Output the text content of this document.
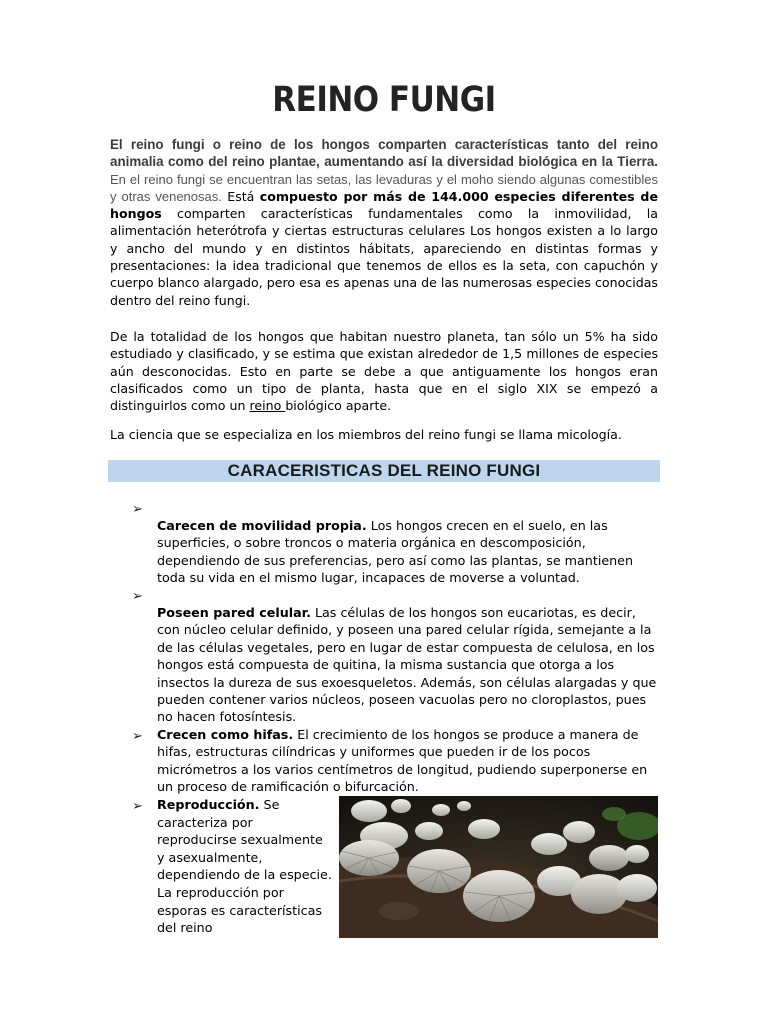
REINO FUNGI
El reino fungi o reino de los hongos comparten características tanto del reino animalia como del reino plantae, aumentando así la diversidad biológica en la Tierra. En el reino fungi se encuentran las setas, las levaduras y el moho siendo algunas comestibles y otras venenosas. Está compuesto por más de 144.000 especies diferentes de hongos comparten características fundamentales como la inmovilidad, la alimentación heterótrofa y ciertas estructuras celulares Los hongos existen a lo largo y ancho del mundo y en distintos hábitats, apareciendo en distintas formas y presentaciones: la idea tradicional que tenemos de ellos es la seta, con capuchón y cuerpo blanco alargado, pero esa es apenas una de las numerosas especies conocidas dentro del reino fungi.
De la totalidad de los hongos que habitan nuestro planeta, tan sólo un 5% ha sido estudiado y clasificado, y se estima que existan alrededor de 1,5 millones de especies aún desconocidas. Esto en parte se debe a que antiguamente los hongos eran clasificados como un tipo de planta, hasta que en el siglo XIX se empezó a distinguirlos como un reino biológico aparte.
La ciencia que se especializa en los miembros del reino fungi se llama micología.
CARACERISTICAS DEL REINO FUNGI
➢
Carecen de movilidad propia. Los hongos crecen en el suelo, en las superficies, o sobre troncos o materia orgánica en descomposición, dependiendo de sus preferencias, pero así como las plantas, se mantienen toda su vida en el mismo lugar, incapaces de moverse a voluntad.
➢
Poseen pared celular. Las células de los hongos son eucariotas, es decir, con núcleo celular definido, y poseen una pared celular rígida, semejante a la de las células vegetales, pero en lugar de estar compuesta de celulosa, en los hongos está compuesta de quitina, la misma sustancia que otorga a los insectos la dureza de sus exoesqueletos. Además, son células alargadas y que pueden contener varios núcleos, poseen vacuolas pero no cloroplastos, pues no hacen fotosíntesis.
➢ Crecen como hifas. El crecimiento de los hongos se produce a manera de hifas, estructuras cilíndricas y uniformes que pueden ir de los pocos micrómetros a los varios centímetros de longitud, pudiendo superponerse en un proceso de ramificación o bifurcación.
➢ Reproducción. Se caracteriza por reproducirse sexualmente y asexualmente, dependiendo de la especie. La reproducción por esporas es características del reino
